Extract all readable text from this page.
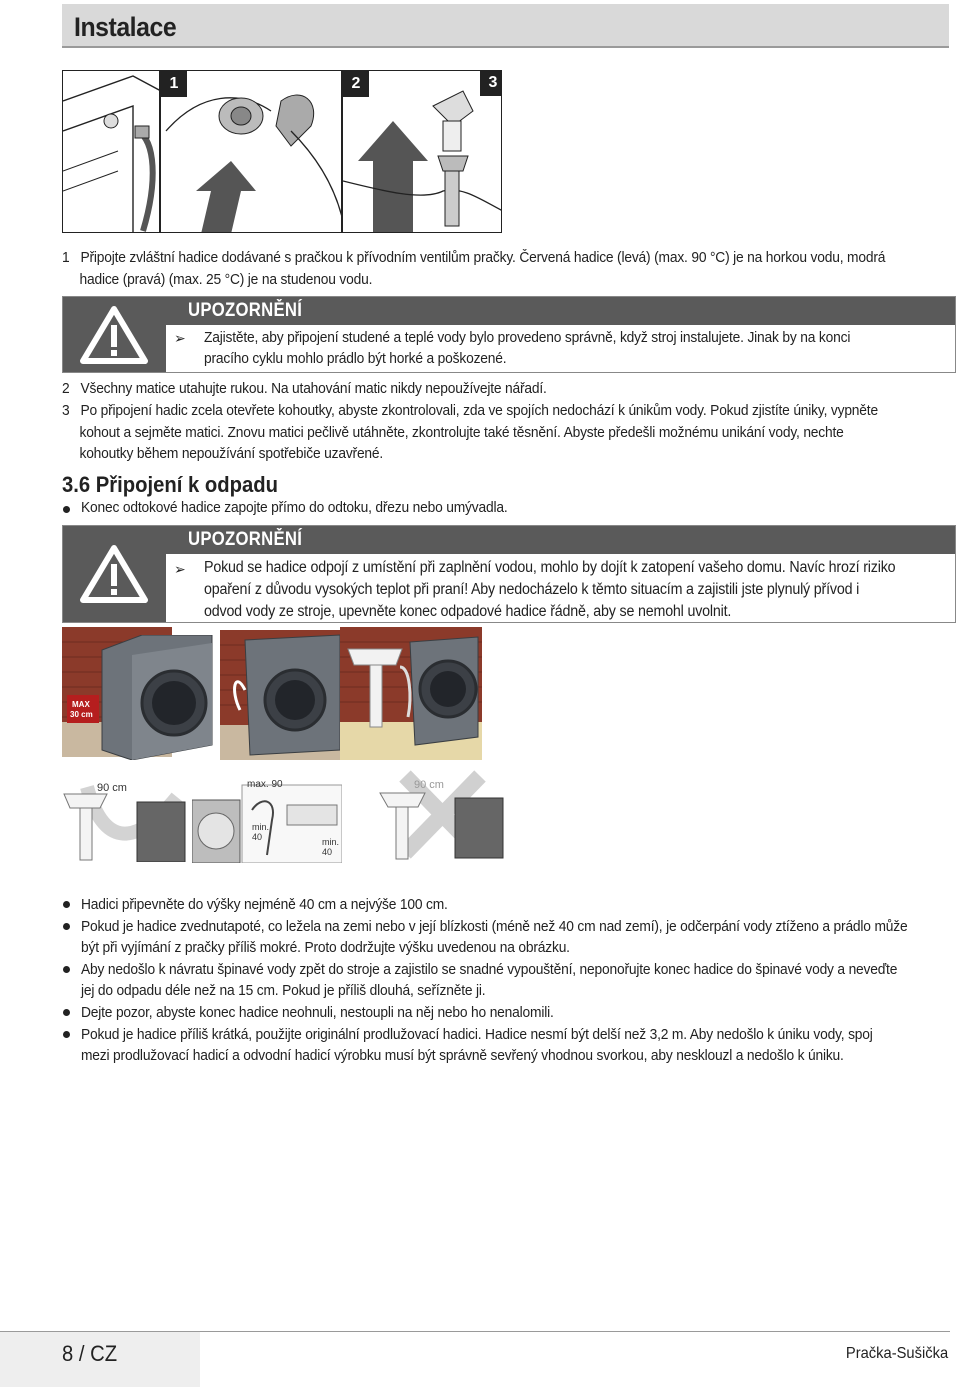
Instalace
1	2	3
1 Připojte zvláštní hadice dodávané s pračkou k přívodním ventilům pračky. Červená hadice (levá) (max. 90 °C) je na horkou vodu, modrá
hadice (pravá) (max. 25 °C) je na studenou vodu.
UPOZORNĚNÍ
➢ Zajistěte, aby připojení studené a teplé vody bylo provedeno správně, když stroj instalujete. Jinak by na konci
pracího cyklu mohlo prádlo být horké a poškozené.
2 Všechny matice utahujte rukou. Na utahování matic nikdy nepoužívejte nářadí.
3 Po připojení hadic zcela otevřete kohoutky, abyste zkontrolovali, zda ve spojích nedochází k únikům vody. Pokud zjistíte úniky, vypněte
kohout a sejměte matici. Znovu matici pečlivě utáhněte, zkontrolujte také těsnění. Abyste předešli možnému unikání vody, nechte
kohoutky během nepoužívání spotřebiče uzavřené.
3.6 Připojení k odpadu
Konec odtokové hadice zapojte přímo do odtoku, dřezu nebo umývadla.
UPOZORNĚNÍ
➢ Pokud se hadice odpojí z umístění při zaplnění vodou, mohlo by dojít k zatopení vašeho domu. Navíc hrozí riziko
opaření z důvodu vysokých teplot při praní! Aby nedocházelo k těmto situacím a zajistili jste plynulý přívod i
odvod vody ze stroje, upevněte konec odpadové hadice řádně, aby se nemohl uvolnit.
MAX
30 cm
90 cm	max. 90
min.
40	min.
40
90 cm
Hadici připevněte do výšky nejméně 40 cm a nejvýše 100 cm.
Pokud je hadice zvednutapoté, co ležela na zemi nebo v její blízkosti (méně než 40 cm nad zemí), je odčerpání vody ztíženo a prádlo může
být při vyjímání z pračky příliš mokré. Proto dodržujte výšku uvedenou na obrázku.
Aby nedošlo k návratu špinavé vody zpět do stroje a zajistilo se snadné vypouštění, neponořujte konec hadice do špinavé vody a neveďte
jej do odpadu déle než na 15 cm. Pokud je příliš dlouhá, seřízněte ji.
Dejte pozor, abyste konec hadice neohnuli, nestoupli na něj nebo ho nenalomili.
Pokud je hadice příliš krátká, použijte originální prodlužovací hadici. Hadice nesmí být delší než 3,2 m. Aby nedošlo k úniku vody, spoj
mezi prodlužovací hadicí a odvodní hadicí výrobku musí být správně sevřený vhodnou svorkou, aby nesklouzl a nedošlo k úniku.
8 / CZ	Pračka-Sušička
